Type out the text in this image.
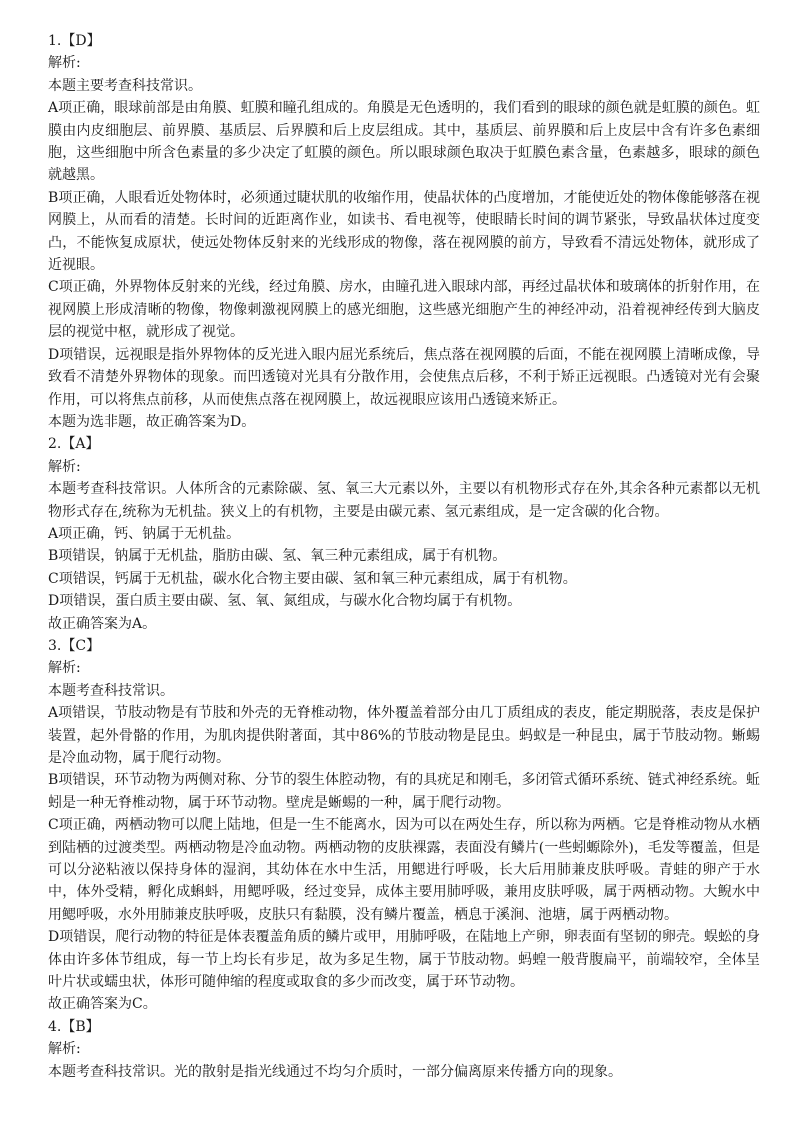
1.【D】

解析:

本题主要考查科技常识。

A项正确，眼球前部是由角膜、虹膜和瞳孔组成的。角膜是无色透明的，我们看到的眼球的颜色就是虹膜的颜色。虹膜由内皮细胞层、前界膜、基质层、后界膜和后上皮层组成。其中，基质层、前界膜和后上皮层中含有许多色素细胞，这些细胞中所含色素量的多少决定了虹膜的颜色。所以眼球颜色取决于虹膜色素含量，色素越多，眼球的颜色就越黑。

B项正确，人眼看近处物体时，必须通过睫状肌的收缩作用，使晶状体的凸度增加，才能使近处的物体像能够落在视网膜上，从而看的清楚。长时间的近距离作业，如读书、看电视等，使眼睛长时间的调节紧张，导致晶状体过度变凸，不能恢复成原状，使远处物体反射来的光线形成的物像，落在视网膜的前方，导致看不清远处物体，就形成了近视眼。

C项正确，外界物体反射来的光线，经过角膜、房水，由瞳孔进入眼球内部，再经过晶状体和玻璃体的折射作用，在视网膜上形成清晰的物像，物像刺激视网膜上的感光细胞，这些感光细胞产生的神经冲动，沿着视神经传到大脑皮层的视觉中枢，就形成了视觉。

D项错误，远视眼是指外界物体的反光进入眼内屈光系统后，焦点落在视网膜的后面，不能在视网膜上清晰成像，导致看不清楚外界物体的现象。而凹透镜对光具有分散作用，会使焦点后移，不利于矫正远视眼。凸透镜对光有会聚作用，可以将焦点前移，从而使焦点落在视网膜上，故远视眼应该用凸透镜来矫正。

本题为选非题，故正确答案为D。

2.【A】

解析:

本题考查科技常识。人体所含的元素除碳、氢、氧三大元素以外，主要以有机物形式存在外,其余各种元素都以无机物形式存在,统称为无机盐。狭义上的有机物，主要是由碳元素、氢元素组成，是一定含碳的化合物。

A项正确，钙、钠属于无机盐。

B项错误，钠属于无机盐，脂肪由碳、氢、氧三种元素组成，属于有机物。

C项错误，钙属于无机盐，碳水化合物主要由碳、氢和氧三种元素组成，属于有机物。

D项错误，蛋白质主要由碳、氢、氧、氮组成，与碳水化合物均属于有机物。

故正确答案为A。

3.【C】

解析:

本题考查科技常识。

A项错误，节肢动物是有节肢和外壳的无脊椎动物，体外覆盖着部分由几丁质组成的表皮，能定期脱落，表皮是保护装置，起外骨骼的作用，为肌肉提供附著面，其中86%的节肢动物是昆虫。蚂蚁是一种昆虫，属于节肢动物。蜥蜴是冷血动物，属于爬行动物。

B项错误，环节动物为两侧对称、分节的裂生体腔动物，有的具疣足和刚毛，多闭管式循环系统、链式神经系统。蚯蚓是一种无脊椎动物，属于环节动物。壁虎是蜥蜴的一种，属于爬行动物。

C项正确，两栖动物可以爬上陆地，但是一生不能离水，因为可以在两处生存，所以称为两栖。它是脊椎动物从水栖到陆栖的过渡类型。两栖动物是冷血动物。两栖动物的皮肤裸露，表面没有鳞片(一些蚓螈除外)，毛发等覆盖，但是可以分泌粘液以保持身体的湿润，其幼体在水中生活，用鳃进行呼吸，长大后用肺兼皮肤呼吸。青蛙的卵产于水中，体外受精，孵化成蝌蚪，用鳃呼吸，经过变异，成体主要用肺呼吸，兼用皮肤呼吸，属于两栖动物。大鲵水中用鳃呼吸，水外用肺兼皮肤呼吸，皮肤只有黏膜，没有鳞片覆盖，栖息于溪涧、池塘，属于两栖动物。

D项错误，爬行动物的特征是体表覆盖角质的鳞片或甲，用肺呼吸，在陆地上产卵，卵表面有坚韧的卵壳。蜈蚣的身体由许多体节组成，每一节上均长有步足，故为多足生物，属于节肢动物。蚂蝗一般背腹扁平，前端较窄，全体呈叶片状或蠕虫状，体形可随伸缩的程度或取食的多少而改变，属于环节动物。

故正确答案为C。

4.【B】

解析:

本题考查科技常识。光的散射是指光线通过不均匀介质时，一部分偏离原来传播方向的现象。
